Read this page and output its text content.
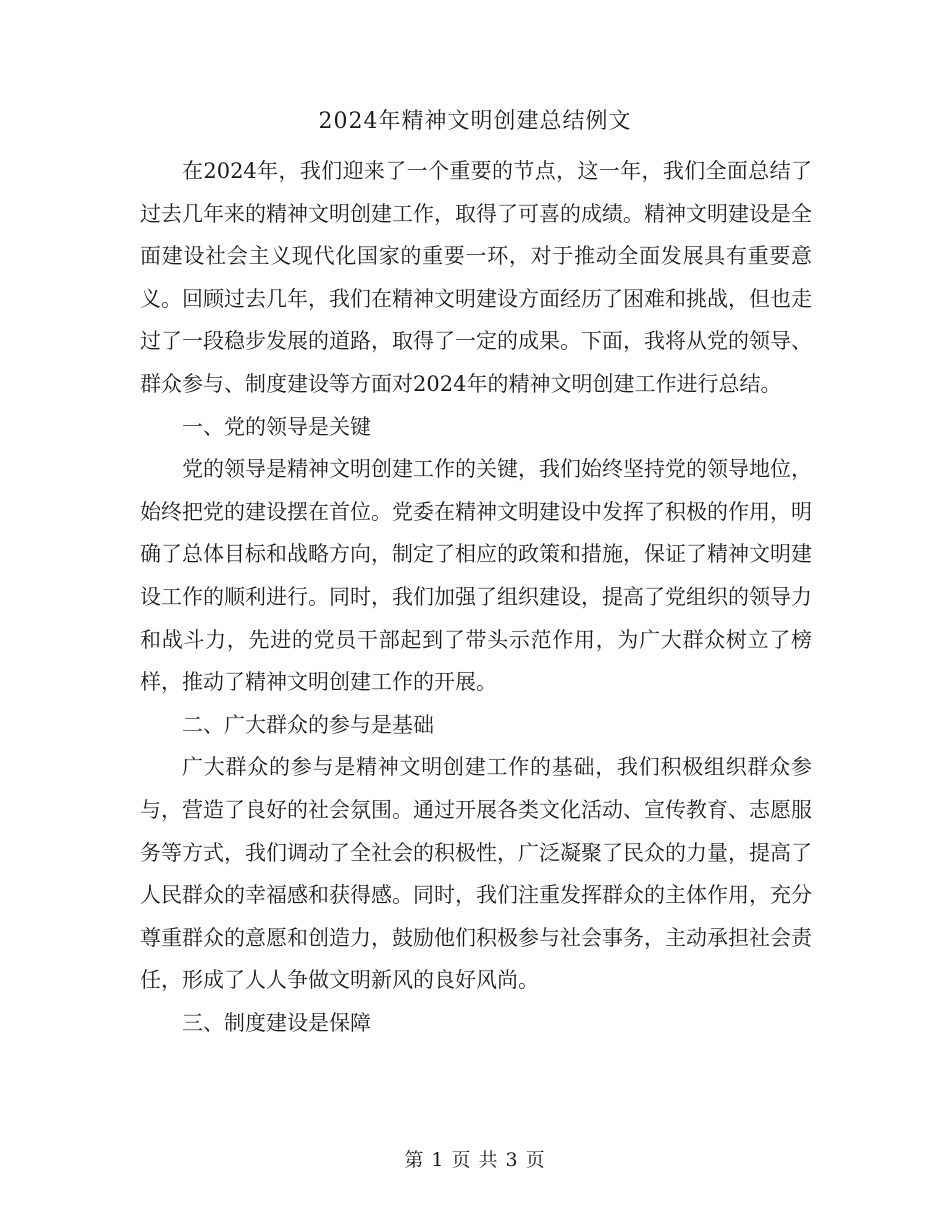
2024年精神文明创建总结例文

在2024年，我们迎来了一个重要的节点，这一年，我们全面总结了过去几年来的精神文明创建工作，取得了可喜的成绩。精神文明建设是全面建设社会主义现代化国家的重要一环，对于推动全面发展具有重要意义。回顾过去几年，我们在精神文明建设方面经历了困难和挑战，但也走过了一段稳步发展的道路，取得了一定的成果。下面，我将从党的领导、群众参与、制度建设等方面对2024年的精神文明创建工作进行总结。

一、党的领导是关键

党的领导是精神文明创建工作的关键，我们始终坚持党的领导地位，始终把党的建设摆在首位。党委在精神文明建设中发挥了积极的作用，明确了总体目标和战略方向，制定了相应的政策和措施，保证了精神文明建设工作的顺利进行。同时，我们加强了组织建设，提高了党组织的领导力和战斗力，先进的党员干部起到了带头示范作用，为广大群众树立了榜样，推动了精神文明创建工作的开展。

二、广大群众的参与是基础

广大群众的参与是精神文明创建工作的基础，我们积极组织群众参与，营造了良好的社会氛围。通过开展各类文化活动、宣传教育、志愿服务等方式，我们调动了全社会的积极性，广泛凝聚了民众的力量，提高了人民群众的幸福感和获得感。同时，我们注重发挥群众的主体作用，充分尊重群众的意愿和创造力，鼓励他们积极参与社会事务，主动承担社会责任，形成了人人争做文明新风的良好风尚。

三、制度建设是保障

第 1 页 共 3 页
